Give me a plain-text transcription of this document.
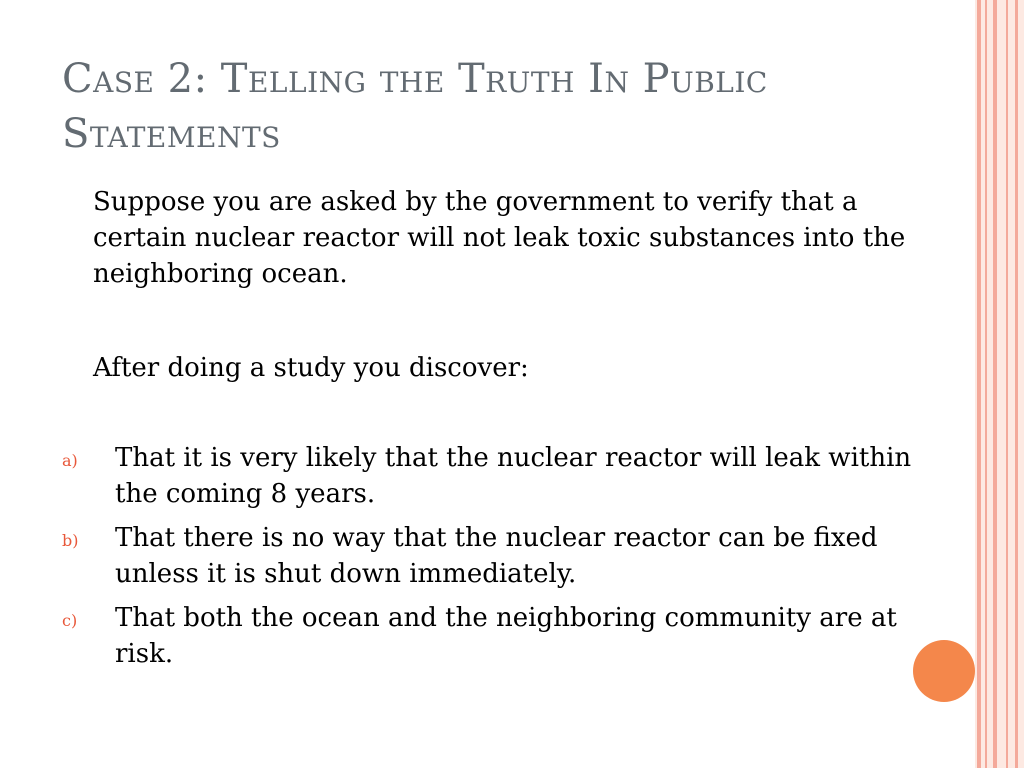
Case 2: Telling the Truth In Public Statements

Suppose you are asked by the government to verify that a certain nuclear reactor will not leak toxic substances into the neighboring ocean.

After doing a study you discover:

a) That it is very likely that the nuclear reactor will leak within the coming 8 years.
b) That there is no way that the nuclear reactor can be fixed unless it is shut down immediately.
c) That both the ocean and the neighboring community are at risk.
